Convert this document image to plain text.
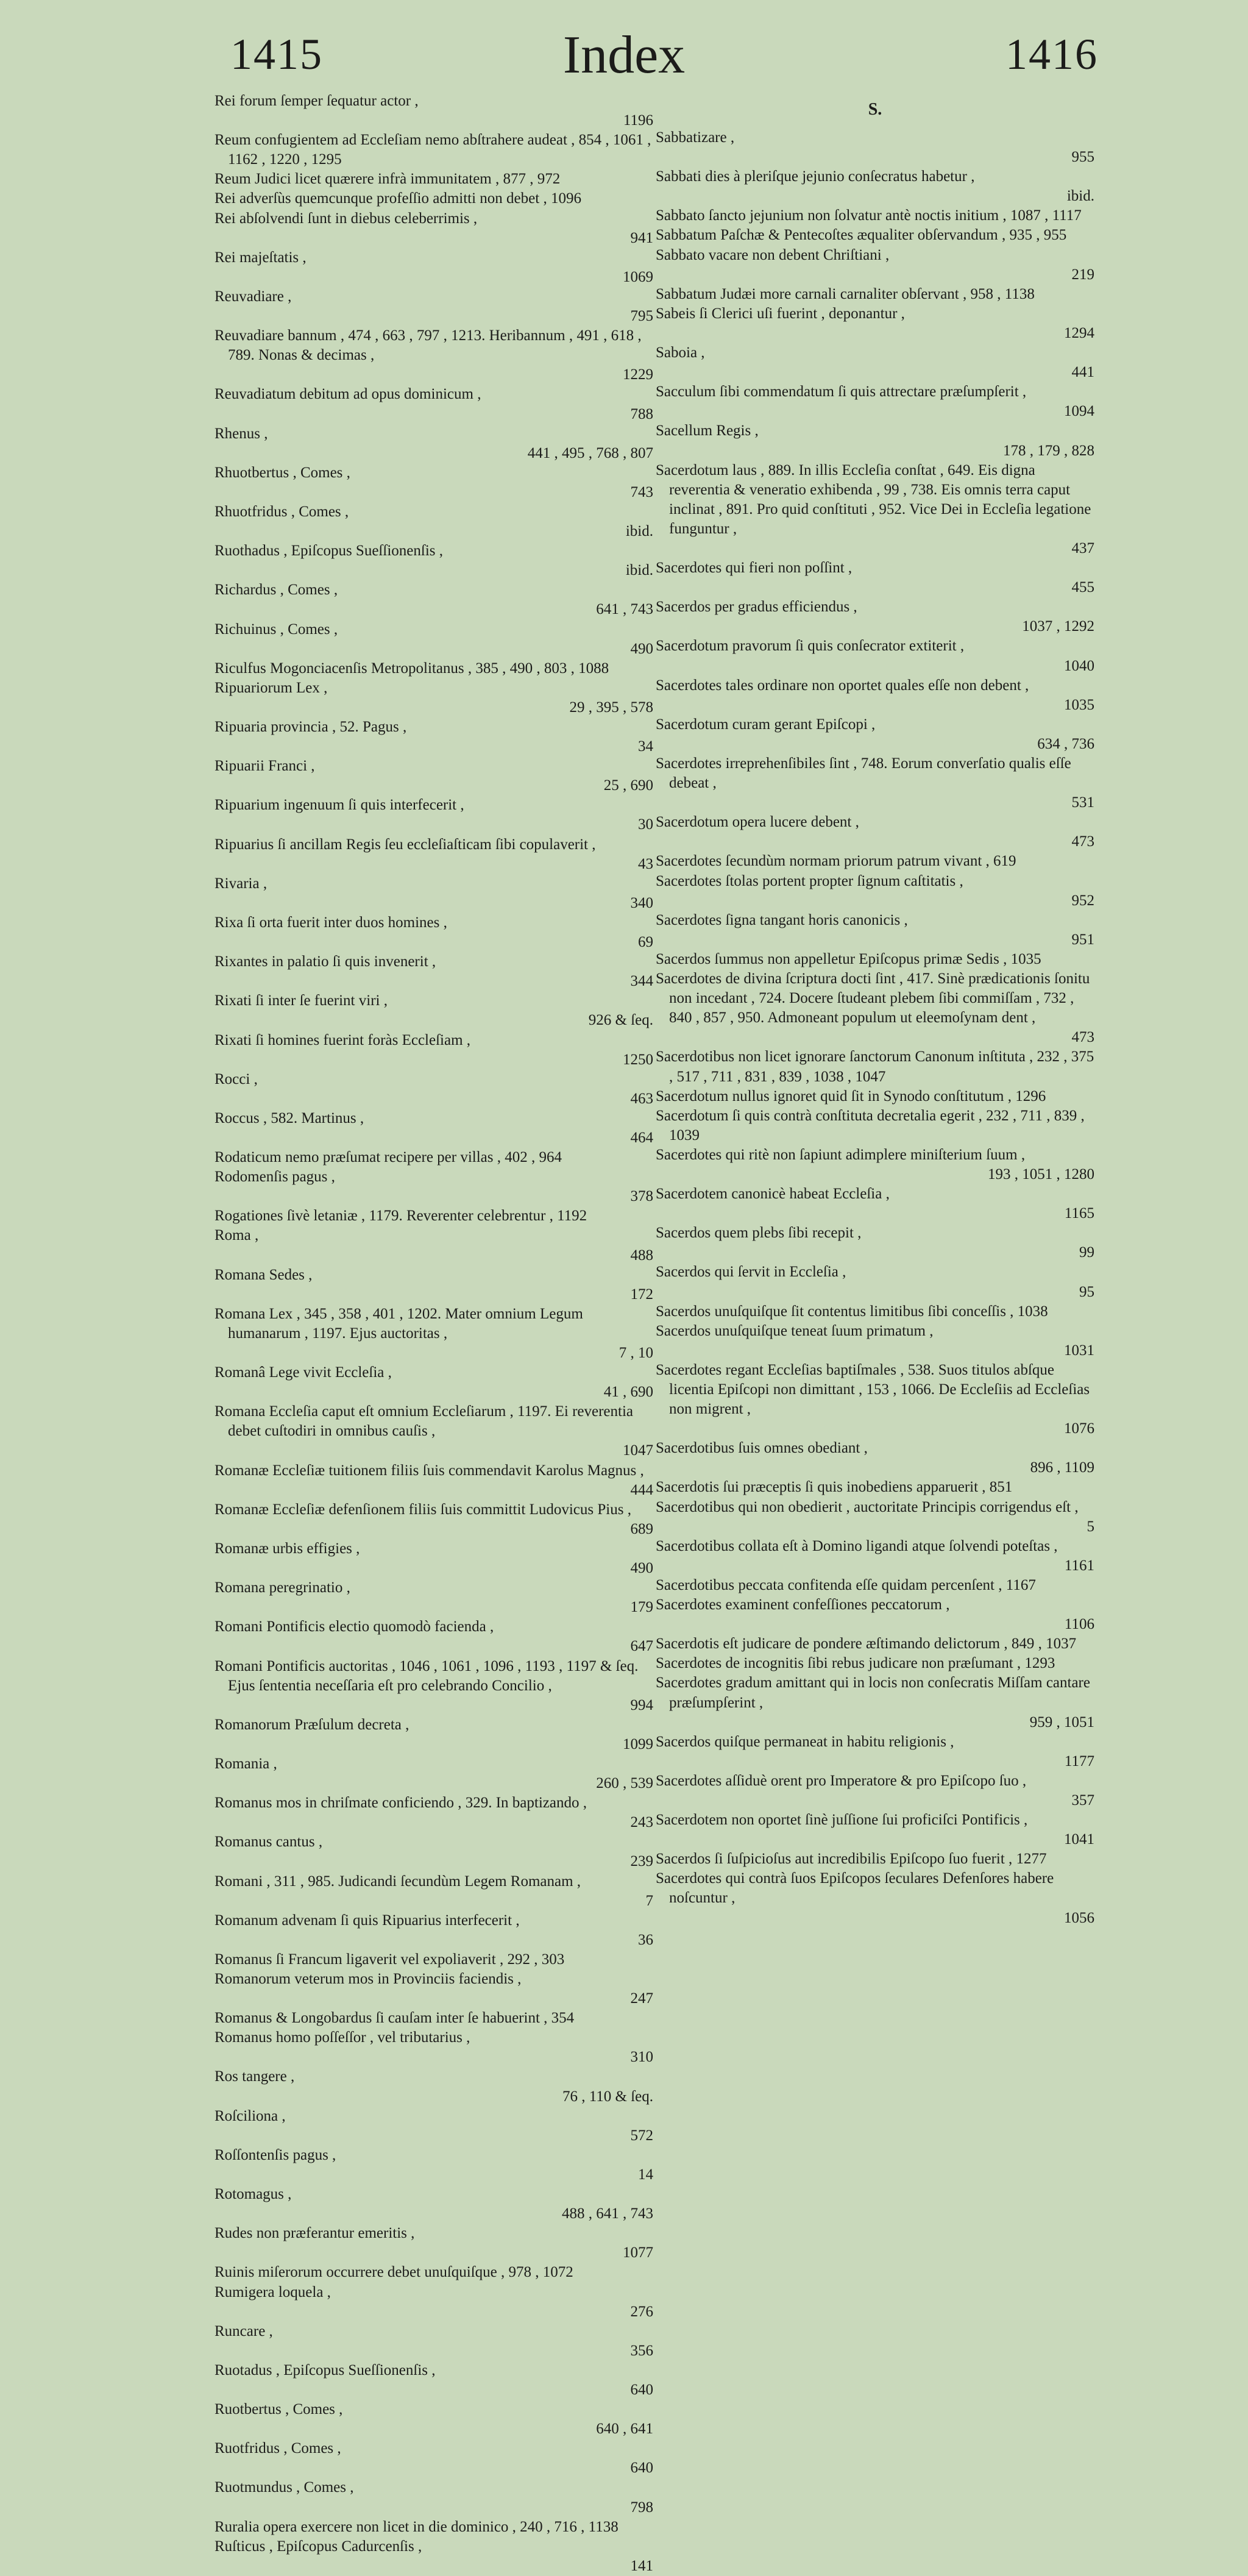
1415	Index	1416
Rei forum ſemper ſequatur actor ,
1196
Reum confugientem ad Eccleſiam nemo abſtrahere audeat , 854 , 1061 , 1162 , 1220 , 1295
Reum Judici licet quærere infrà immunitatem , 877 , 972
Rei adverſùs quemcunque profeſſio admitti non debet , 1096
Rei abſolvendi ſunt in diebus celeberrimis ,
941
Rei majeſtatis ,
1069
Reuvadiare ,
795
Reuvadiare bannum , 474 , 663 , 797 , 1213. Heribannum , 491 , 618 , 789. Nonas & decimas ,
1229
Reuvadiatum debitum ad opus dominicum ,
788
Rhenus ,
441 , 495 , 768 , 807
Rhuotbertus , Comes ,
743
Rhuotfridus , Comes ,
ibid.
Ruothadus , Epiſcopus Sueſſionenſis ,
ibid.
Richardus , Comes ,
641 , 743
Richuinus , Comes ,
490
Riculfus Mogonciacenſis Metropolitanus , 385 , 490 , 803 , 1088
Ripuariorum Lex ,
29 , 395 , 578
Ripuaria provincia , 52. Pagus ,
34
Ripuarii Franci ,
25 , 690
Ripuarium ingenuum ſi quis interfecerit ,
30
Ripuarius ſi ancillam Regis ſeu eccleſiaſticam ſibi copulaverit ,
43
Rivaria ,
340
Rixa ſi orta fuerit inter duos homines ,
69
Rixantes in palatio ſi quis invenerit ,
344
Rixati ſi inter ſe fuerint viri ,
926 & ſeq.
Rixati ſi homines fuerint foràs Eccleſiam ,
1250
Rocci ,
463
Roccus , 582. Martinus ,
464
Rodaticum nemo præſumat recipere per villas , 402 , 964
Rodomenſis pagus ,
378
Rogationes ſivè letaniæ , 1179. Reverenter celebrentur , 1192
Roma ,
488
Romana Sedes ,
172
Romana Lex , 345 , 358 , 401 , 1202. Mater omnium Legum humanarum , 1197. Ejus auctoritas ,
7 , 10
Romanâ Lege vivit Eccleſia ,
41 , 690
Romana Eccleſia caput eſt omnium Eccleſiarum , 1197. Ei reverentia debet cuſtodiri in omnibus cauſis ,
1047
Romanæ Eccleſiæ tuitionem filiis ſuis commendavit Karolus Magnus ,
444
Romanæ Eccleſiæ defenſionem filiis ſuis committit Ludovicus Pius ,
689
Romanæ urbis effigies ,
490
Romana peregrinatio ,
179
Romani Pontificis electio quomodò facienda ,
647
Romani Pontificis auctoritas , 1046 , 1061 , 1096 , 1193 , 1197 & ſeq. Ejus ſententia neceſſaria eſt pro celebrando Concilio ,
994
Romanorum Præſulum decreta ,
1099
Romania ,
260 , 539
Romanus mos in chriſmate conficiendo , 329. In baptizando ,
243
Romanus cantus ,
239
Romani , 311 , 985. Judicandi ſecundùm Legem Romanam ,
7
Romanum advenam ſi quis Ripuarius interfecerit ,
36
Romanus ſi Francum ligaverit vel expoliaverit , 292 , 303
Romanorum veterum mos in Provinciis faciendis ,
247
Romanus & Longobardus ſi cauſam inter ſe habuerint , 354
Romanus homo poſſeſſor , vel tributarius ,
310
Ros tangere ,
76 , 110 & ſeq.
Roſciliona ,
572
Roſſontenſis pagus ,
14
Rotomagus ,
488 , 641 , 743
Rudes non præferantur emeritis ,
1077
Ruinis miſerorum occurrere debet unuſquiſque , 978 , 1072
Rumigera loquela ,
276
Runcare ,
356
Ruotadus , Epiſcopus Sueſſionenſis ,
640
Ruotbertus , Comes ,
640 , 641
Ruotfridus , Comes ,
640
Ruotmundus , Comes ,
798
Ruralia opera exercere non licet in die dominico , 240 , 716 , 1138
Ruſticus , Epiſcopus Cadurcenſis ,
141
S.
Sabbatizare ,
955
Sabbati dies à pleriſque jejunio conſecratus habetur ,
ibid.
Sabbato ſancto jejunium non ſolvatur antè noctis initium , 1087 , 1117
Sabbatum Paſchæ & Pentecoſtes æqualiter obſervandum , 935 , 955
Sabbato vacare non debent Chriſtiani ,
219
Sabbatum Judæi more carnali carnaliter obſervant , 958 , 1138
Sabeis ſi Clerici uſi fuerint , deponantur ,
1294
Saboia ,
441
Sacculum ſibi commendatum ſi quis attrectare præſumpſerit ,
1094
Sacellum Regis ,
178 , 179 , 828
Sacerdotum laus , 889. In illis Eccleſia conſtat , 649. Eis digna reverentia & veneratio exhibenda , 99 , 738. Eis omnis terra caput inclinat , 891. Pro quid conſtituti , 952. Vice Dei in Eccleſia legatione funguntur ,
437
Sacerdotes qui fieri non poſſint ,
455
Sacerdos per gradus efficiendus ,
1037 , 1292
Sacerdotum pravorum ſi quis conſecrator extiterit ,
1040
Sacerdotes tales ordinare non oportet quales eſſe non debent ,
1035
Sacerdotum curam gerant Epiſcopi ,
634 , 736
Sacerdotes irreprehenſibiles ſint , 748. Eorum converſatio qualis eſſe debeat ,
531
Sacerdotum opera lucere debent ,
473
Sacerdotes ſecundùm normam priorum patrum vivant , 619
Sacerdotes ſtolas portent propter ſignum caſtitatis ,
952
Sacerdotes ſigna tangant horis canonicis ,
951
Sacerdos ſummus non appelletur Epiſcopus primæ Sedis , 1035
Sacerdotes de divina ſcriptura docti ſint , 417. Sinè prædicationis ſonitu non incedant , 724. Docere ſtudeant plebem ſibi commiſſam , 732 , 840 , 857 , 950. Admoneant populum ut eleemoſynam dent ,
473
Sacerdotibus non licet ignorare ſanctorum Canonum inſtituta , 232 , 375 , 517 , 711 , 831 , 839 , 1038 , 1047
Sacerdotum nullus ignoret quid ſit in Synodo conſtitutum , 1296
Sacerdotum ſi quis contrà conſtituta decretalia egerit , 232 , 711 , 839 , 1039
Sacerdotes qui ritè non ſapiunt adimplere miniſterium ſuum ,
193 , 1051 , 1280
Sacerdotem canonicè habeat Eccleſia ,
1165
Sacerdos quem plebs ſibi recepit ,
99
Sacerdos qui ſervit in Eccleſia ,
95
Sacerdos unuſquiſque ſit contentus limitibus ſibi conceſſis , 1038
Sacerdos unuſquiſque teneat ſuum primatum ,
1031
Sacerdotes regant Eccleſias baptiſmales , 538. Suos titulos abſque licentia Epiſcopi non dimittant , 153 , 1066. De Eccleſiis ad Eccleſias non migrent ,
1076
Sacerdotibus ſuis omnes obediant ,
896 , 1109
Sacerdotis ſui præceptis ſi quis inobediens apparuerit , 851
Sacerdotibus qui non obedierit , auctoritate Principis corrigendus eſt ,
5
Sacerdotibus collata eſt à Domino ligandi atque ſolvendi poteſtas ,
1161
Sacerdotibus peccata confitenda eſſe quidam percenſent , 1167
Sacerdotes examinent confeſſiones peccatorum ,
1106
Sacerdotis eſt judicare de pondere æſtimando delictorum , 849 , 1037
Sacerdotes de incognitis ſibi rebus judicare non præſumant , 1293
Sacerdotes gradum amittant qui in locis non conſecratis Miſſam cantare præſumpſerint ,
959 , 1051
Sacerdos quiſque permaneat in habitu religionis ,
1177
Sacerdotes aſſiduè orent pro Imperatore & pro Epiſcopo ſuo ,
357
Sacerdotem non oportet ſinè juſſione ſui proficiſci Pontificis ,
1041
Sacerdos ſi ſuſpicioſus aut incredibilis Epiſcopo ſuo fuerit , 1277
Sacerdotes qui contrà ſuos Epiſcopos ſeculares Defenſores habere noſcuntur ,
1056
